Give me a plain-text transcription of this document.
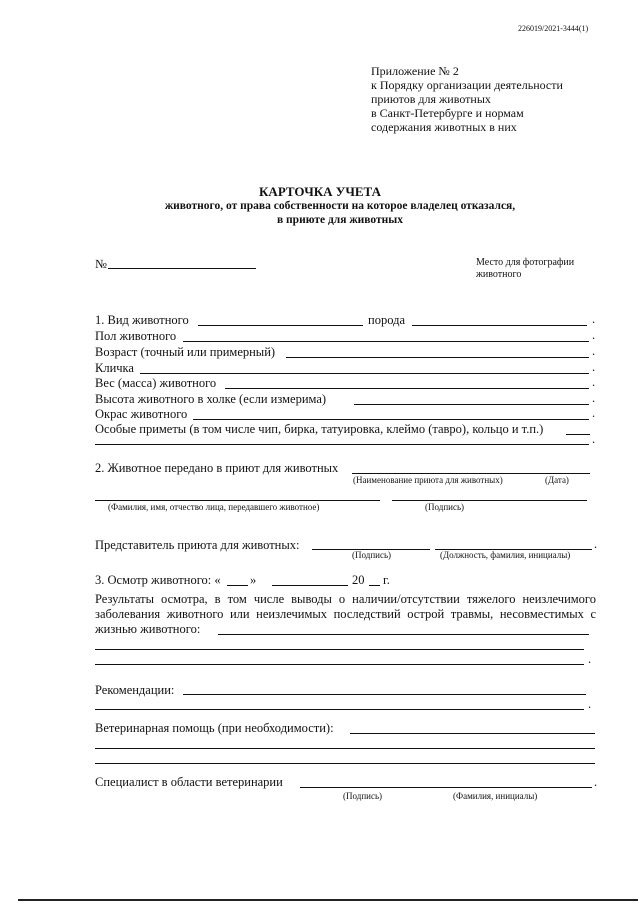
226019/2021-3444(1)
Приложение № 2
к Порядку организации деятельности
приютов для животных
в Санкт-Петербурге и нормам
содержания животных в них
КАРТОЧКА УЧЕТА
животного, от права собственности на которое владелец отказался,
в приюте для животных
№	Место для фотографии
животного
1. Вид животного	порода	.
Пол животного	.
Возраст (точный или примерный)	.
Кличка	.
Вес (масса) животного	.
Высота животного в холке (если измерима)	.
Окрас животного	.
Особые приметы (в том числе чип, бирка, татуировка, клеймо (тавро), кольцо и т.п.)
.
2. Животное передано в приют для животных
(Наименование приюта для животных)	(Дата)
(Фамилия, имя, отчество лица, передавшего животное)	(Подпись)
Представитель приюта для животных:	.
(Подпись)	(Должность, фамилия, инициалы)
3. Осмотр животного: « »	20 г.
Результаты осмотра, в том числе выводы о наличии/отсутствии тяжелого неизлечимого заболевания животного или неизлечимых последствий острой травмы, несовместимых с жизнью животного:
.
Рекомендации:
.
Ветеринарная помощь (при необходимости):
Специалист в области ветеринарии	.
(Подпись)	(Фамилия, инициалы)
